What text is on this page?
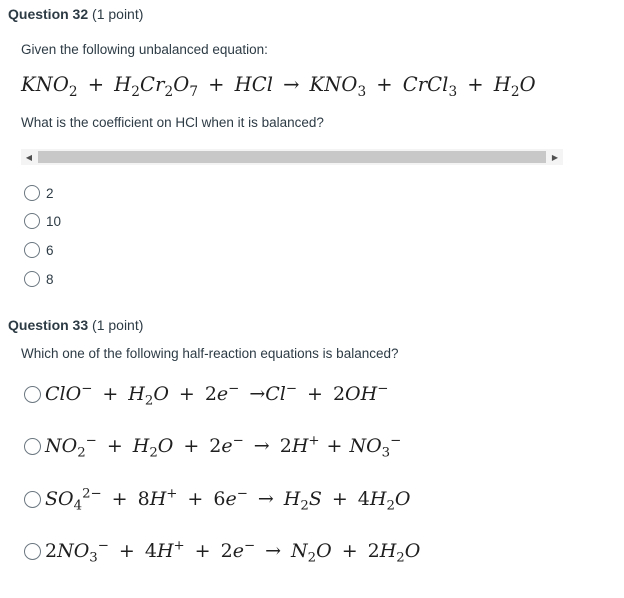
Question 32 (1 point)
Given the following unbalanced equation:
$KNO_2 + H_2Cr_2O_7$ + HCl → $KNO_3$ + CrCl$_3$ + $H_2O$
What is the coefficient on HCl when it is balanced?
◀	▶
2
10
6
8
Question 33 (1 point)
Which one of the following half-reaction equations is balanced?
$ClO^- + H_2O + 2e^- \to Cl^- + 2OH^-$
$NO_2^- + H_2O + 2e^- \to 2H^+ + NO_3^-$
$SO_4^{2-} + 8H^+ + 6e^- \to H_2S + 4H_2O$
$2NO_3^- + 4H^+ + 2e^- \to N_2O + 2H_2O$
